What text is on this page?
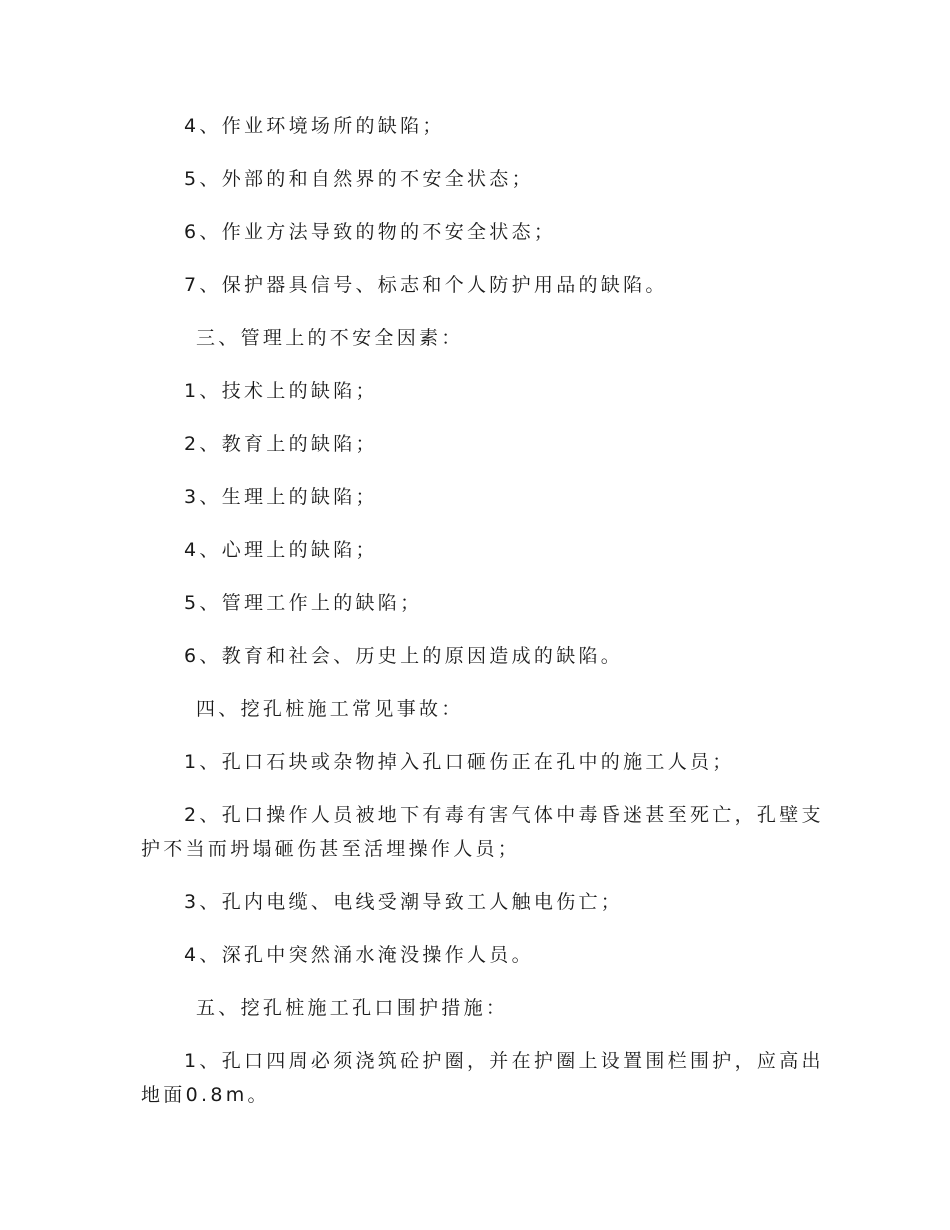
4、作业环境场所的缺陷；
5、外部的和自然界的不安全状态；
6、作业方法导致的物的不安全状态；
7、保护器具信号、标志和个人防护用品的缺陷。
三、管理上的不安全因素：
1、技术上的缺陷；
2、教育上的缺陷；
3、生理上的缺陷；
4、心理上的缺陷；
5、管理工作上的缺陷；
6、教育和社会、历史上的原因造成的缺陷。
四、挖孔桩施工常见事故：
1、孔口石块或杂物掉入孔口砸伤正在孔中的施工人员；
2、孔口操作人员被地下有毒有害气体中毒昏迷甚至死亡，孔壁支
护不当而坍塌砸伤甚至活埋操作人员；
3、孔内电缆、电线受潮导致工人触电伤亡；
4、深孔中突然涌水淹没操作人员。
五、挖孔桩施工孔口围护措施：
1、孔口四周必须浇筑砼护圈，并在护圈上设置围栏围护，应高出
地面0.8m。
